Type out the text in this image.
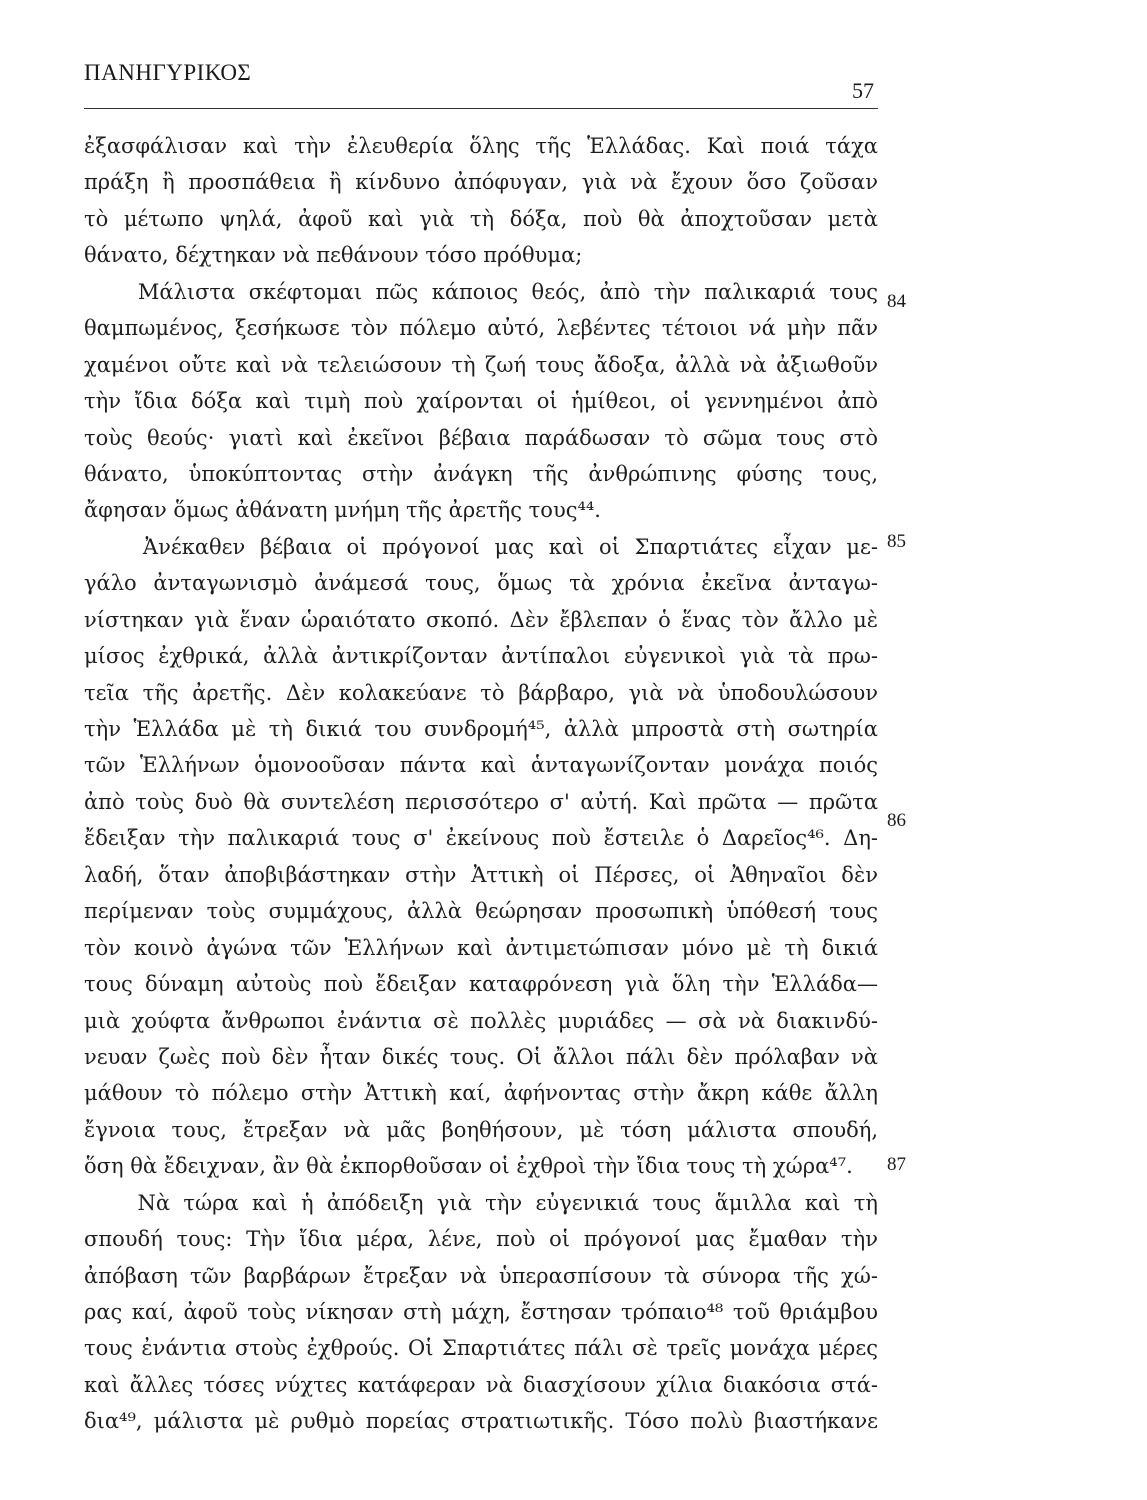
ΠΑΝΗΓΥΡΙΚΟΣ
57
ἐξασφάλισαν καὶ τὴν ἐλευθερία ὅλης τῆς Ἑλλάδας. Καὶ ποιά τάχα
πράξη ἢ προσπάθεια ἢ κίνδυνο ἀπόφυγαν, γιὰ νὰ ἔχουν ὅσο ζοῦσαν
τὸ μέτωπο ψηλά, ἀφοῦ καὶ γιὰ τὴ δόξα, ποὺ θὰ ἀποχτοῦσαν μετὰ
θάνατο, δέχτηκαν νὰ πεθάνουν τόσο πρόθυμα;
Μάλιστα σκέφτομαι πῶς κάποιος θεός, ἀπὸ τὴν παλικαριά τους
θαμπωμένος, ξεσήκωσε τὸν πόλεμο αὐτό, λεβέντες τέτοιοι νά μὴν πᾶν
χαμένοι οὔτε καὶ νὰ τελειώσουν τὴ ζωή τους ἄδοξα, ἀλλὰ νὰ ἀξιωθοῦν
τὴν ἴδια δόξα καὶ τιμὴ ποὺ χαίρονται οἱ ἡμίθεοι, οἱ γεννημένοι ἀπὸ
τοὺς θεούς· γιατὶ καὶ ἐκεῖνοι βέβαια παράδωσαν τὸ σῶμα τους στὸ
θάνατο, ὑποκύπτοντας στὴν ἀνάγκη τῆς ἀνθρώπινης φύσης τους,
ἄφησαν ὅμως ἀθάνατη μνήμη τῆς ἀρετῆς τους⁴⁴.
Ἀνέκαθεν βέβαια οἱ πρόγονοί μας καὶ οἱ Σπαρτιάτες εἶχαν με-
γάλο ἀνταγωνισμὸ ἀνάμεσά τους, ὅμως τὰ χρόνια ἐκεῖνα ἀνταγω-
νίστηκαν γιὰ ἕναν ὡραιότατο σκοπό. Δὲν ἔβλεπαν ὁ ἕνας τὸν ἄλλο μὲ
μίσος ἐχθρικά, ἀλλὰ ἀντικρίζονταν ἀντίπαλοι εὐγενικοὶ γιὰ τὰ πρω-
τεῖα τῆς ἀρετῆς. Δὲν κολακεύανε τὸ βάρβαρο, γιὰ νὰ ὑποδουλώσουν
τὴν Ἑλλάδα μὲ τὴ δικιά του συνδρομή⁴⁵, ἀλλὰ μπροστὰ στὴ σωτηρία
τῶν Ἑλλήνων ὁμονοοῦσαν πάντα καὶ ἁνταγωνίζονταν μονάχα ποιός
ἀπὸ τοὺς δυὸ θὰ συντελέση περισσότερο σ' αὐτή. Καὶ πρῶτα — πρῶτα
ἔδειξαν τὴν παλικαριά τους σ' ἐκείνους ποὺ ἔστειλε ὁ Δαρεῖος⁴⁶. Δη-
λαδή, ὅταν ἀποβιβάστηκαν στὴν Ἀττικὴ οἱ Πέρσες, οἱ Ἀθηναῖοι δὲν
περίμεναν τοὺς συμμάχους, ἀλλὰ θεώρησαν προσωπικὴ ὑπόθεσή τους
τὸν κοινὸ ἀγώνα τῶν Ἑλλήνων καὶ ἀντιμετώπισαν μόνο μὲ τὴ δικιά
τους δύναμη αὐτοὺς ποὺ ἔδειξαν καταφρόνεση γιὰ ὅλη τὴν Ἑλλάδα—
μιὰ χούφτα ἄνθρωποι ἐνάντια σὲ πολλὲς μυριάδες — σὰ νὰ διακινδύ-
νευαν ζωὲς ποὺ δὲν ἦταν δικές τους. Οἱ ἄλλοι πάλι δὲν πρόλαβαν νὰ
μάθουν τὸ πόλεμο στὴν Ἀττικὴ καί, ἀφήνοντας στὴν ἄκρη κάθε ἄλλη
ἔγνοια τους, ἔτρεξαν νὰ μᾶς βοηθήσουν, μὲ τόση μάλιστα σπουδή,
ὅση θὰ ἔδειχναν, ἂν θὰ ἐκπορθοῦσαν οἱ ἐχθροὶ τὴν ἴδια τους τὴ χώρα⁴⁷.
Νὰ τώρα καὶ ἡ ἀπόδειξη γιὰ τὴν εὐγενικιά τους ἅμιλλα καὶ τὴ
σπουδή τους: Τὴν ἴδια μέρα, λένε, ποὺ οἱ πρόγονοί μας ἔμαθαν τὴν
ἀπόβαση τῶν βαρβάρων ἔτρεξαν νὰ ὑπερασπίσουν τὰ σύνορα τῆς χώ-
ρας καί, ἀφοῦ τοὺς νίκησαν στὴ μάχη, ἔστησαν τρόπαιο⁴⁸ τοῦ θριάμβου
τους ἐνάντια στοὺς ἐχθρούς. Οἱ Σπαρτιάτες πάλι σὲ τρεῖς μονάχα μέρες
καὶ ἄλλες τόσες νύχτες κατάφεραν νὰ διασχίσουν χίλια διακόσια στά-
δια⁴⁹, μάλιστα μὲ ρυθμὸ πορείας στρατιωτικῆς. Τόσο πολὺ βιαστήκανε
84
85
86
87
